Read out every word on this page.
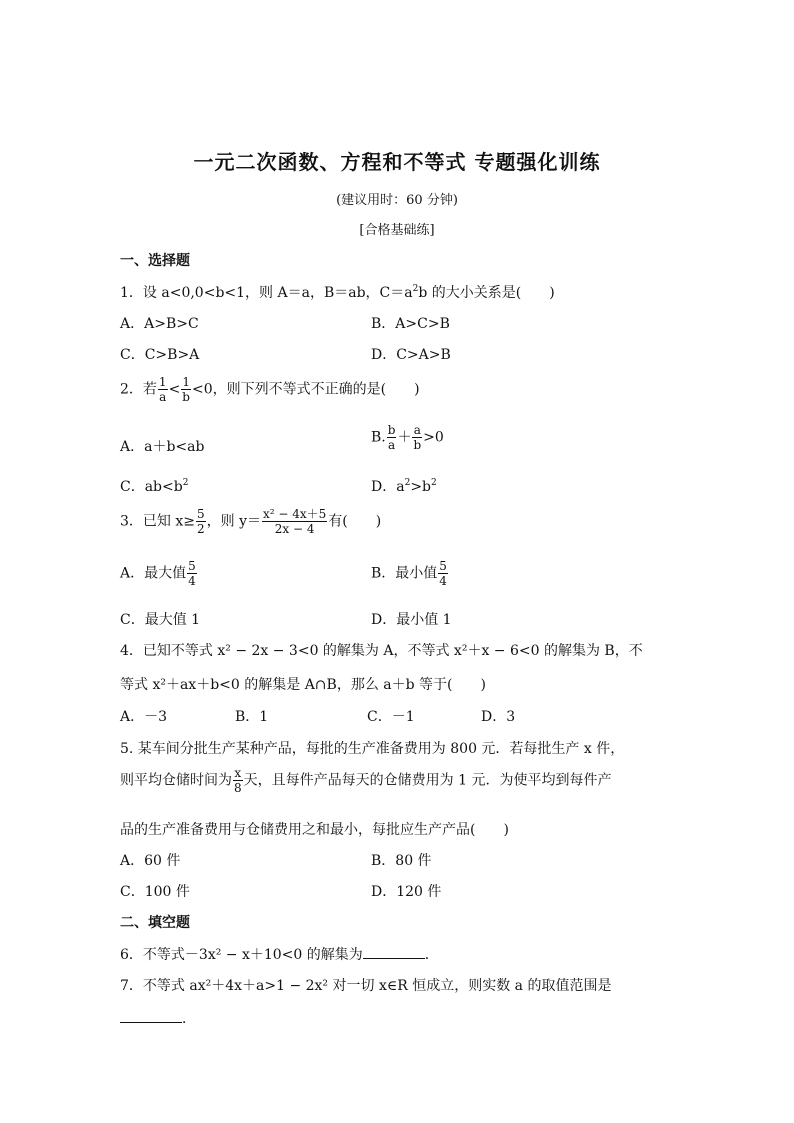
一元二次函数、方程和不等式 专题强化训练
(建议用时：60 分钟)
[合格基础练]
一、选择题
1．设 a<0,0<b<1，则 A＝a，B＝ab，$C=a^2b$ 的大小关系是(　　)
A．A>B>C	B．A>C>B
C．C>B>A	D．C>A>B
2．若 $\frac{1}{a} < \frac{1}{b} <0$，则下列不等式不正确的是(　　)
A．a＋b<ab
B. $\frac{b}{a} + \frac{a}{b} >0$
C．$ab<b^2$	D．$a^2>b^2$
3．已知 $x\ge \frac{5}{2}$ ，则 $y= \frac{\text{x² − 4x＋5}}{2x - 4}$ 有(　　)
A．最大值 $\frac{5}{4}$	B．最小值 $\frac{5}{4}$
C．最大值 1	D．最小值 1
4．已知不等式 x² − 2x − 3<0 的解集为 A，不等式 x²＋x − 6<0 的解集为 B，不
等式 x²＋ax＋b<0 的解集是 A∩B，那么 a＋b 等于(　　)
A．－3	B．1	C．－1	D．3
5. 某车间分批生产某种产品，每批的生产准备费用为 800 元．若每批生产 x 件，
则平均仓储时间为 $\frac{x}{8}$ 天，且每件产品每天的仓储费用为 1 元．为使平均到每件产
品的生产准备费用与仓储费用之和最小，每批应生产产品(　　)
A．60 件	B．80 件
C．100 件	D．120 件
二、填空题
6．不等式－3x² − x＋10<0 的解集为	．
7．不等式 ax²＋4x＋a>1 − 2x² 对一切 x∈R 恒成立，则实数 a 的取值范围是
．
